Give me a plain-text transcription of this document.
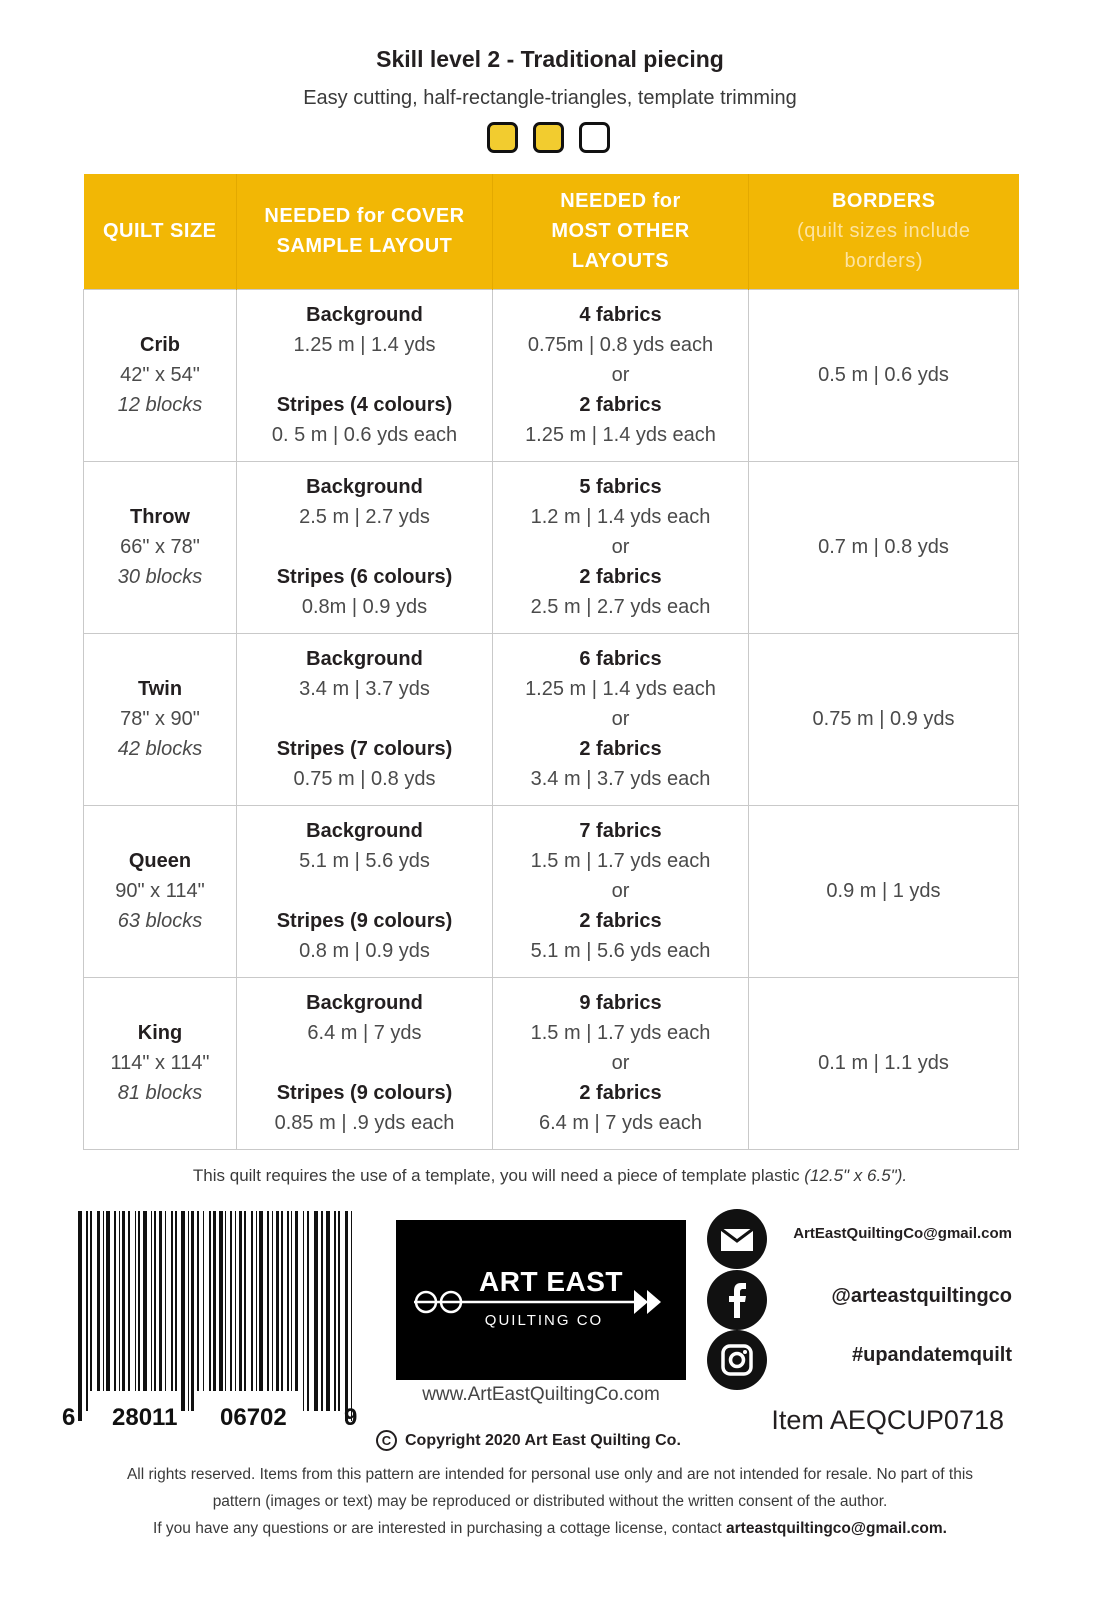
Skill level 2 - Traditional piecing
Easy cutting, half-rectangle-triangles, template trimming
QUILT SIZE	NEEDED for COVER SAMPLE LAYOUT	NEEDED for MOST OTHER LAYOUTS	BORDERS
(quilt sizes include borders)

Crib
42" x 54"
12 blocks	Background
1.25 m | 1.4 yds
Stripes (4 colours)
0. 5 m | 0.6 yds each	4 fabrics
0.75m | 0.8 yds each
or
2 fabrics
1.25 m | 1.4 yds each	0.5 m | 0.6 yds
Throw
66" x 78"
30 blocks	Background
2.5 m | 2.7 yds
Stripes (6 colours)
0.8m | 0.9 yds	5 fabrics
1.2 m | 1.4 yds each
or
2 fabrics
2.5 m | 2.7 yds each	0.7 m | 0.8 yds
Twin
78" x 90"
42 blocks	Background
3.4 m | 3.7 yds
Stripes (7 colours)
0.75 m | 0.8 yds	6 fabrics
1.25 m | 1.4 yds each
or
2 fabrics
3.4 m | 3.7 yds each	0.75 m | 0.9 yds
Queen
90" x 114"
63 blocks	Background
5.1 m | 5.6 yds
Stripes (9 colours)
0.8 m | 0.9 yds	7 fabrics
1.5 m | 1.7 yds each
or
2 fabrics
5.1 m | 5.6 yds each	0.9 m | 1 yds
King
114" x 114"
81 blocks	Background
6.4 m | 7 yds
Stripes (9 colours)
0.85 m | .9 yds each	9 fabrics
1.5 m | 1.7 yds each
or
2 fabrics
6.4 m | 7 yds each	0.1 m | 1.1 yds
This quilt requires the use of a template, you will need a piece of template plastic (12.5" x 6.5").
6 28011 06702 9
ART EAST
QUILTING CO
www.ArtEastQuiltingCo.com
C Copyright 2020 Art East Quilting Co.
ArtEastQuiltingCo@gmail.com
@arteastquiltingco
#upandatemquilt
Item AEQCUP0718
All rights reserved. Items from this pattern are intended for personal use only and are not intended for resale. No part of this
pattern (images or text) may be reproduced or distributed without the written consent of the author.
If you have any questions or are interested in purchasing a cottage license, contact arteastquiltingco@gmail.com.
